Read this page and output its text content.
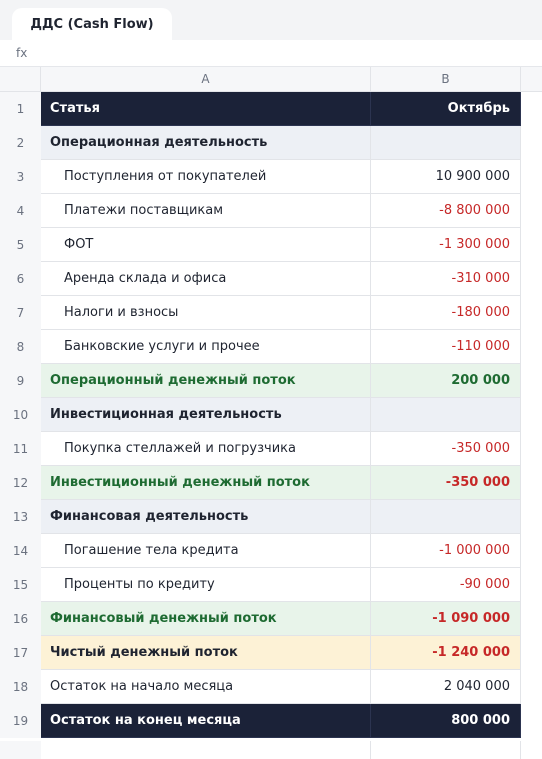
ДДС (Cash Flow)
fx
A	B
1	Статья	Октябрь
2	Операционная деятельность
3	Поступления от покупателей	10 900 000
4	Платежи поставщикам	-8 800 000
5	ФОТ	-1 300 000
6	Аренда склада и офиса	-310 000
7	Налоги и взносы	-180 000
8	Банковские услуги и прочее	-110 000
9	Операционный денежный поток	200 000
10	Инвестиционная деятельность
11	Покупка стеллажей и погрузчика	-350 000
12	Инвестиционный денежный поток	-350 000
13	Финансовая деятельность
14	Погашение тела кредита	-1 000 000
15	Проценты по кредиту	-90 000
16	Финансовый денежный поток	-1 090 000
17	Чистый денежный поток	-1 240 000
18	Остаток на начало месяца	2 040 000
19	Остаток на конец месяца	800 000
